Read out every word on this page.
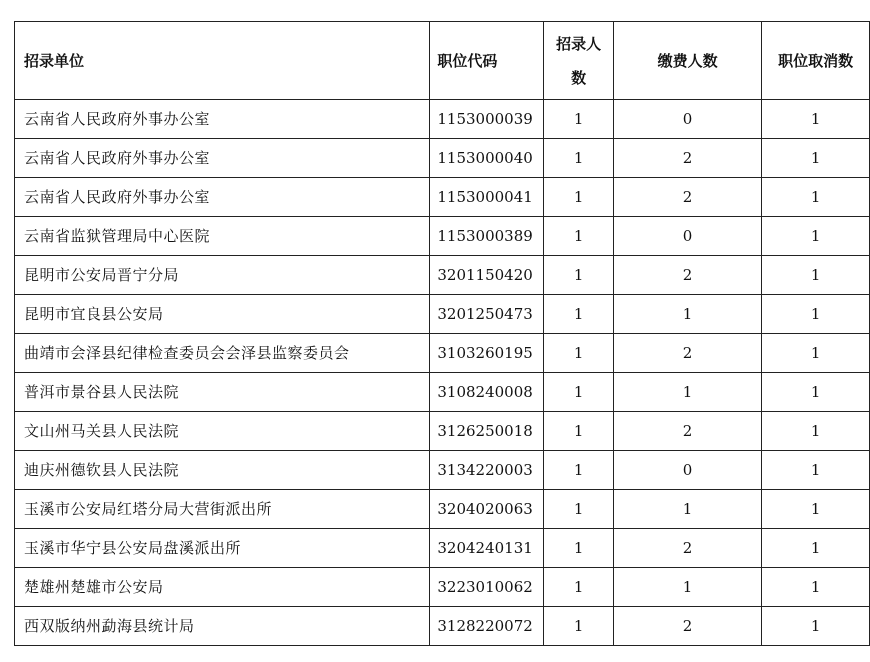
招录单位	职位代码	招录人数	缴费人数	职位取消数
云南省人民政府外事办公室	1153000039	1	0	1
云南省人民政府外事办公室	1153000040	1	2	1
云南省人民政府外事办公室	1153000041	1	2	1
云南省监狱管理局中心医院	1153000389	1	0	1
昆明市公安局晋宁分局	3201150420	1	2	1
昆明市宜良县公安局	3201250473	1	1	1
曲靖市会泽县纪律检查委员会会泽县监察委员会	3103260195	1	2	1
普洱市景谷县人民法院	3108240008	1	1	1
文山州马关县人民法院	3126250018	1	2	1
迪庆州德钦县人民法院	3134220003	1	0	1
玉溪市公安局红塔分局大营街派出所	3204020063	1	1	1
玉溪市华宁县公安局盘溪派出所	3204240131	1	2	1
楚雄州楚雄市公安局	3223010062	1	1	1
西双版纳州勐海县统计局	3128220072	1	2	1
